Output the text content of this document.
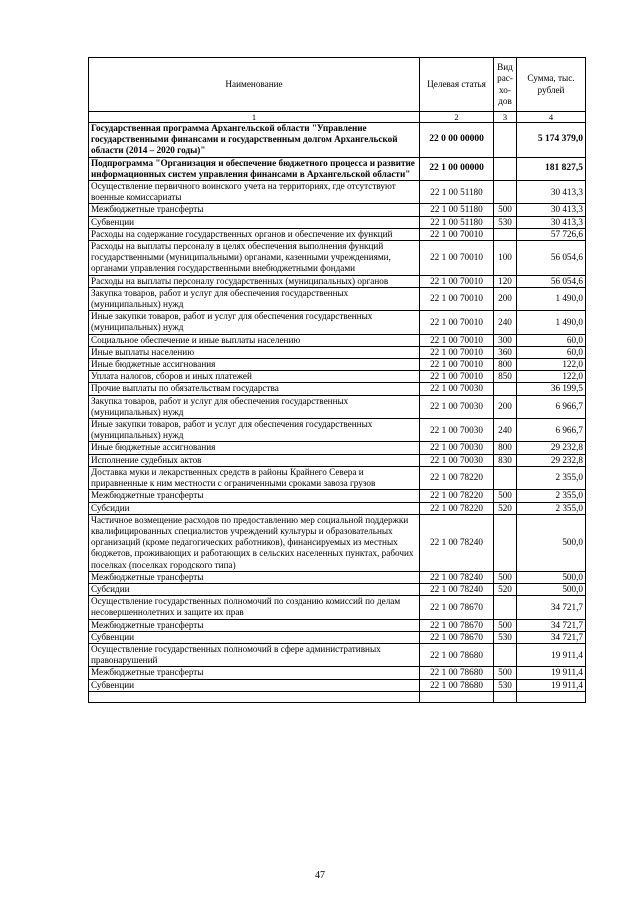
Наименование	Целевая статья	Вид рас-хо-дов	Сумма, тыс. рублей
1	2	3	4
Государственная программа Архангельской области "Управление государственными финансами и государственным долгом Архангельской области (2014 – 2020 годы)"	22 0 00 00000		5 174 379,0
Подпрограмма "Организация и обеспечение бюджетного процесса и развитие информационных систем управления финансами в Архангельской области"	22 1 00 00000		181 827,5
Осуществление первичного воинского учета на территориях, где отсутствуют военные комиссариаты	22 1 00 51180		30 413,3
Межбюджетные трансферты	22 1 00 51180	500	30 413,3
Субвенции	22 1 00 51180	530	30 413,3
Расходы на содержание государственных органов и обеспечение их функций	22 1 00 70010		57 726,6
Расходы на выплаты персоналу в целях обеспечения выполнения функций государственными (муниципальными) органами, казенными учреждениями, органами управления государственными внебюджетными фондами	22 1 00 70010	100	56 054,6
Расходы на выплаты персоналу государственных (муниципальных) органов	22 1 00 70010	120	56 054,6
Закупка товаров, работ и услуг для обеспечения государственных (муниципальных) нужд	22 1 00 70010	200	1 490,0
Иные закупки товаров, работ и услуг для обеспечения государственных (муниципальных) нужд	22 1 00 70010	240	1 490,0
Социальное обеспечение и иные выплаты населению	22 1 00 70010	300	60,0
Иные выплаты населению	22 1 00 70010	360	60,0
Иные бюджетные ассигнования	22 1 00 70010	800	122,0
Уплата налогов, сборов и иных платежей	22 1 00 70010	850	122,0
Прочие выплаты по обязательствам государства	22 1 00 70030		36 199,5
Закупка товаров, работ и услуг для обеспечения государственных (муниципальных) нужд	22 1 00 70030	200	6 966,7
Иные закупки товаров, работ и услуг для обеспечения государственных (муниципальных) нужд	22 1 00 70030	240	6 966,7
Иные бюджетные ассигнования	22 1 00 70030	800	29 232,8
Исполнение судебных актов	22 1 00 70030	830	29 232,8
Доставка муки и лекарственных средств в районы Крайнего Севера и приравненные к ним местности с ограниченными сроками завоза грузов	22 1 00 78220		2 355,0
Межбюджетные трансферты	22 1 00 78220	500	2 355,0
Субсидии	22 1 00 78220	520	2 355,0
Частичное возмещение расходов по предоставлению мер социальной поддержки квалифицированных специалистов учреждений культуры и образовательных организаций (кроме педагогических работников), финансируемых из местных бюджетов, проживающих и работающих в сельских населенных пунктах, рабочих поселках (поселках городского типа)	22 1 00 78240		500,0
Межбюджетные трансферты	22 1 00 78240	500	500,0
Субсидии	22 1 00 78240	520	500,0
Осуществление государственных полномочий по созданию комиссий по делам несовершеннолетних и защите их прав	22 1 00 78670		34 721,7
Межбюджетные трансферты	22 1 00 78670	500	34 721,7
Субвенции	22 1 00 78670	530	34 721,7
Осуществление государственных полномочий в сфере административных правонарушений	22 1 00 78680		19 911,4
Межбюджетные трансферты	22 1 00 78680	500	19 911,4
Субвенции	22 1 00 78680	530	19 911,4

47
